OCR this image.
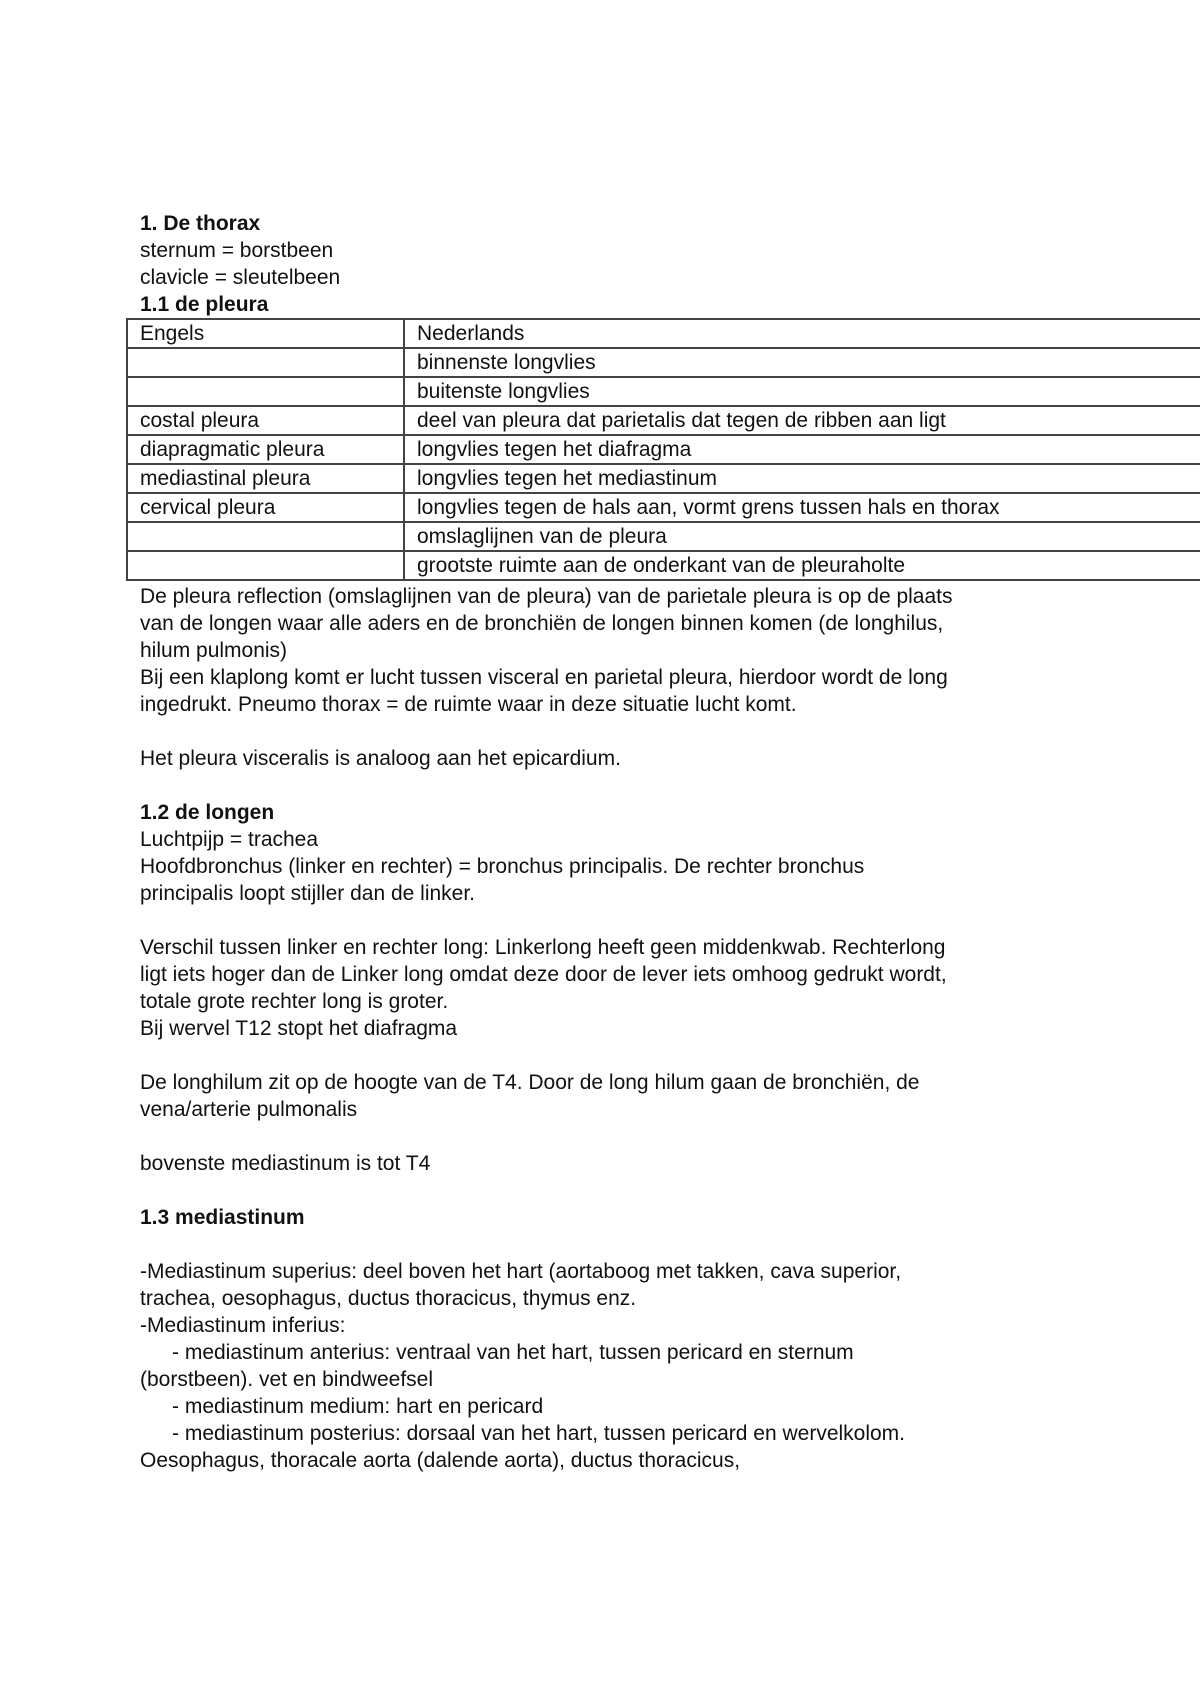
1. De thorax
sternum = borstbeen
clavicle = sleutelbeen
1.1 de pleura
Engels	Nederlands
	binnenste longvlies
	buitenste longvlies
costal pleura	deel van pleura dat parietalis dat tegen de ribben aan ligt
diapragmatic pleura	longvlies tegen het diafragma
mediastinal pleura	longvlies tegen het mediastinum
cervical pleura	longvlies tegen de hals aan, vormt grens tussen hals en thorax
	omslaglijnen van de pleura
	grootste ruimte aan de onderkant van de pleuraholte
De pleura reflection (omslaglijnen van de pleura) van de parietale pleura is op de plaats
van de longen waar alle aders en de bronchiën de longen binnen komen (de longhilus,
hilum pulmonis)
Bij een klaplong komt er lucht tussen visceral en parietal pleura, hierdoor wordt de long
ingedrukt. Pneumo thorax = de ruimte waar in deze situatie lucht komt.
Het pleura visceralis is analoog aan het epicardium.
1.2 de longen
Luchtpijp = trachea
Hoofdbronchus (linker en rechter) = bronchus principalis. De rechter bronchus
principalis loopt stijller dan de linker.
Verschil tussen linker en rechter long: Linkerlong heeft geen middenkwab. Rechterlong
ligt iets hoger dan de Linker long omdat deze door de lever iets omhoog gedrukt wordt,
totale grote rechter long is groter.
Bij wervel T12 stopt het diafragma
De longhilum zit op de hoogte van de T4. Door de long hilum gaan de bronchiën, de
vena/arterie pulmonalis
bovenste mediastinum is tot T4
1.3 mediastinum
-Mediastinum superius: deel boven het hart (aortaboog met takken, cava superior,
trachea, oesophagus, ductus thoracicus, thymus enz.
-Mediastinum inferius:
- mediastinum anterius: ventraal van het hart, tussen pericard en sternum
(borstbeen). vet en bindweefsel
- mediastinum medium: hart en pericard
- mediastinum posterius: dorsaal van het hart, tussen pericard en wervelkolom.
Oesophagus, thoracale aorta (dalende aorta), ductus thoracicus,
